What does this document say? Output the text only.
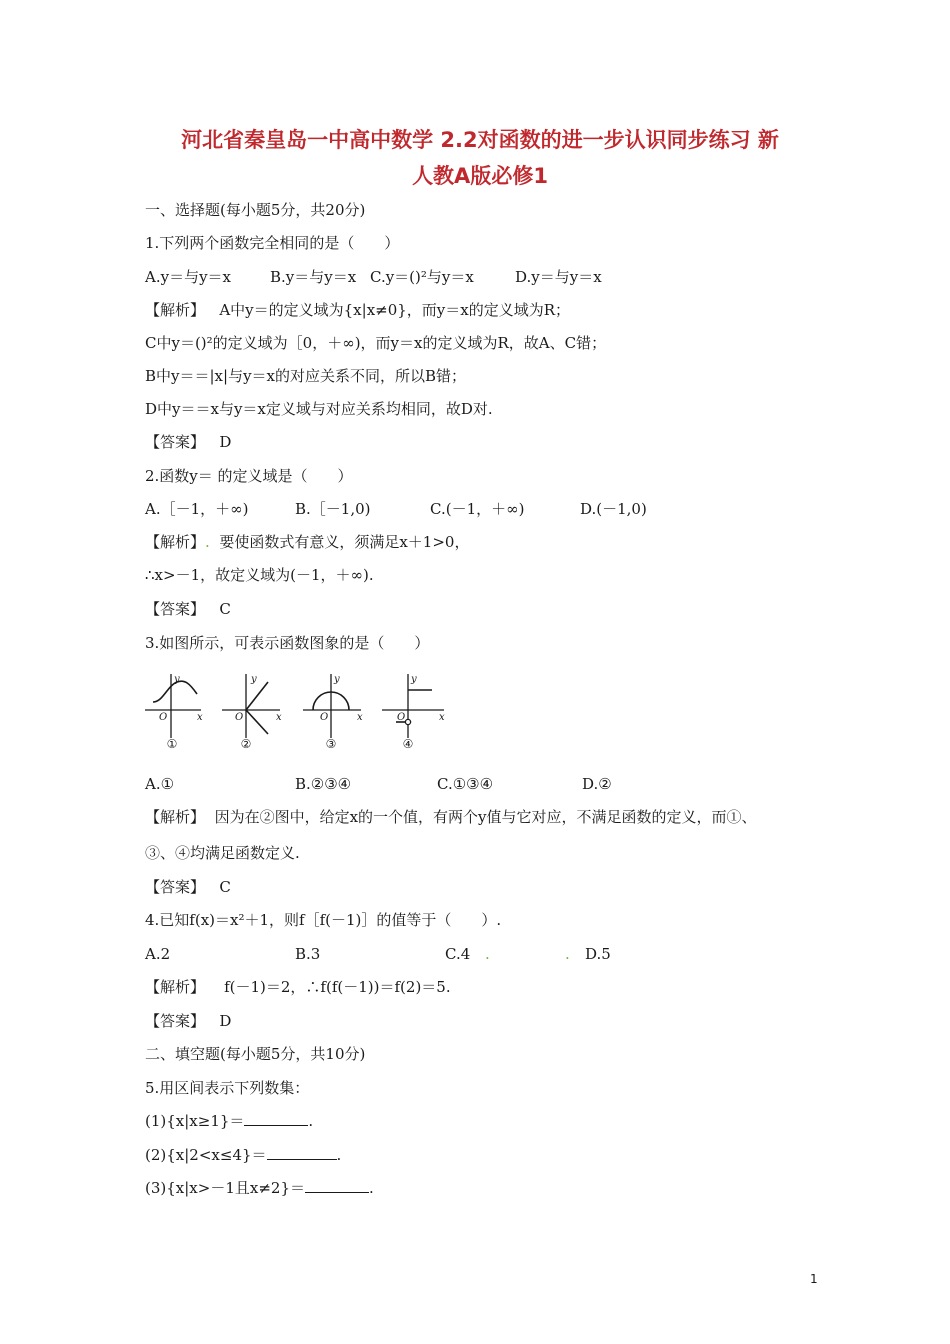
河北省秦皇岛一中高中数学 2.2对函数的进一步认识同步练习 新
人教A版必修1
一、选择题(每小题5分，共20分)
1.下列两个函数完全相同的是（　　）
A.y＝与y＝x	B.y＝与y＝x C.y＝()²与y＝x	D.y＝与y＝x
【解析】 A中y＝的定义域为{x|x≠0}，而y＝x的定义域为R；
C中y＝()²的定义域为［0，＋∞)，而y＝x的定义域为R，故A、C错；
B中y＝＝|x|与y＝x的对应关系不同，所以B错；
D中y＝＝x与y＝x定义域与对应关系均相同，故D对.
【答案】 D
2.函数y＝ 的定义域是（　　）
A.［－1，＋∞)	B.［－1,0)	C.(－1，＋∞)	D.(－1,0)
【解析】. 要使函数式有意义，须满足x＋1>0，
∴x>－1，故定义域为(－1，＋∞).
【答案】 C
3.如图所示，可表示函数图象的是（　　）
y
x
O
y
x
O
y
x
O
y
x
O
①	②	③	④
A.①	B.②③④	C.①③④	D.②
【解析】 因为在②图中，给定x的一个值，有两个y值与它对应，不满足函数的定义，而①、
③、④均满足函数定义.
【答案】 C
4.已知f(x)＝x²＋1，则f［f(－1)］的值等于（　　）.
A.2	B.3	C.4 .	. D.5
【解析】 f(－1)＝2，∴f(f(－1))＝f(2)＝5.
【答案】 D
二、填空题(每小题5分，共10分)
5.用区间表示下列数集：
(1){x|x≥1}＝	.
(2){x|2<x≤4}＝	.
(3){x|x>－1且x≠2}＝	.
1
